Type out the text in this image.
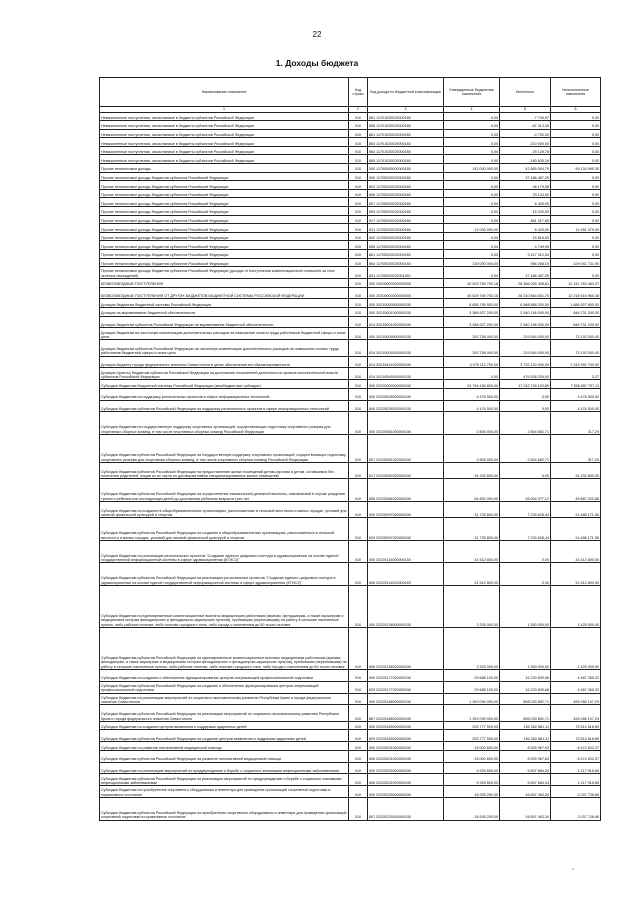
22
1. Доходы бюджета
Наименование показателя	Код строки	Код дохода по бюджетной классификации	Утвержденные бюджетные назначения	Исполнено	Неисполненные назначения
1	2	3	4	5	6
Невыясненные поступления, зачисляемые в бюджеты субъектов Российской Федерации	010	851 11701020020000180	0,00	-7 740,97	0,00
Невыясненные поступления, зачисляемые в бюджеты субъектов Российской Федерации	010	855 11701020020000180	0,00	-67 413,30	0,00
Невыясненные поступления, зачисляемые в бюджеты субъектов Российской Федерации	010	861 11701020020000180	0,00	-4 700,00	0,00
Невыясненные поступления, зачисляемые в бюджеты субъектов Российской Федерации	010	863 11701020020000180	0,00	-210 000,00	0,00
Невыясненные поступления, зачисляемые в бюджеты субъектов Российской Федерации	010	864 11701020020000180	0,00	29 129,78	0,00
Невыясненные поступления, зачисляемые в бюджеты субъектов Российской Федерации	010	865 11701020020000180	0,00	-180 635,16	0,00
Прочие неналоговые доходы	010	000 11705000000000180	142 000 000,00	42 865 004,70	99 134 995,30
Прочие неналоговые доходы бюджетов субъектов Российской Федерации	010	000 11705020020000180	0,00	37 486 457,25	0,00
Прочие неналоговые доходы бюджетов субъектов Российской Федерации	010	803 11705020020000180	0,00	46 179,08	0,00
Прочие неналоговые доходы бюджетов субъектов Российской Федерации	010	806 11705020020000180	0,00	23 143,00	0,00
Прочие неналоговые доходы бюджетов субъектов Российской Федерации	010	807 11705020020000180	0,00	6 400,00	0,00
Прочие неналоговые доходы бюджетов субъектов Российской Федерации	010	809 11705020020000180	0,00	15 200,00	0,00
Прочие неналоговые доходы бюджетов субъектов Российской Федерации	010	817 11705020020000180	0,00	861 317,85	0,00
Прочие неналоговые доходы бюджетов субъектов Российской Федерации	010	831 11705020020000180	12 000 000,00	8 430,00	11 991 570,00
Прочие неналоговые доходы бюджетов субъектов Российской Федерации	010	842 11705020020000180	0,00	15 816,00	0,00
Прочие неналоговые доходы бюджетов субъектов Российской Федерации	010	855 11705020020000180	0,00	4 749,95	0,00
Прочие неналоговые доходы бюджетов субъектов Российской Федерации	010	861 11705020020000180	0,00	3 417 012,54	0,00
Прочие неналоговые доходы бюджетов субъектов Российской Федерации	010	864 11705020020000180	130 000 000,00	956 268,10	129 041 731,90
Прочие неналоговые доходы бюджетов субъектов Российской Федерации (доходы от поступления компенсационной стоимости за снос зеленых насаждений)	010	831 11705020020001180	0,00	37 486 457,25	0,00
БЕЗВОЗМЕЗДНЫЕ ПОСТУПЛЕНИЯ	010	000 20000000000000000	40 529 769 792,18	28 386 026 308,81	12 141 763 483,37
БЕЗВОЗМЕЗДНЫЕ ПОСТУПЛЕНИЯ ОТ ДРУГИХ БЮДЖЕТОВ БЮДЖЕТНОЙ СИСТЕМЫ РОССИЙСКОЙ ФЕДЕРАЦИИ	010	000 20200000000000000	40 529 769 792,18	28 310 864 831,70	12 218 916 960,48
Дотации бюджетам бюджетной системы Российской Федерации	010	000 20210000000000150	8 655 795 900,00	6 968 868 200,00	1 686 927 600,00
Дотации на выравнивание бюджетной обеспеченности	010	000 20215001000000150	3 386 927 200,00	2 540 196 000,00	846 731 200,00
Дотации бюджетам субъектов Российской Федерации на выравнивание бюджетной обеспеченности	010	814 20215001020000150	3 386 927 200,00	2 540 196 000,00	846 731 200,00
Дотации бюджетам на частичную компенсацию дополнительных расходов на повышение оплаты труда работников бюджетной сферы и иные цели	010	000 20215009000000150	292 756 000,00	219 564 000,00	73 192 000,00
Дотации бюджетам субъектов Российской Федерации на частичную компенсацию дополнительных расходов на повышение оплаты труда работников бюджетной сферы и иные цели	010	814 20215009020000150	292 756 000,00	219 564 000,00	73 192 000,00
Дотация бюджету города федерального значения Севастополя в целях обеспечения его сбалансированности	010	814 20215414020000150	4 976 112 700,00	3 732 120 000,00	1 243 992 700,00
Дотации (гранты) бюджетам субъектов Российской Федерации за достижение показателей деятельности органов исполнительной власти субъектов Российской Федерации	010	814 20216549020000150	0,00	476 938 200,00	3,27
Субсидии бюджетам бюджетной системы Российской Федерации (межбюджетные субсидии)	010	000 20220000000000150	24 749 436 800,00	17 242 749 102,89	7 506 687 797,11
Субсидии бюджетам на поддержку региональных проектов в сфере информационных технологий	010	000 20225028000000150	4 476 500,00	0,00	4 476 500,00
Субсидии бюджетам субъектов Российской Федерации на поддержку региональных проектов в сфере информационных технологий	010	840 20225028020000150	4 476 500,00	0,00	4 476 500,00
Субсидии бюджетам на государственную поддержку спортивных организаций, осуществляющих подготовку спортивного резерва для спортивных сборных команд, в том числе спортивных сборных команд Российской Федерации	010	000 20225081000000150	2 805 000,00	2 804 682,71	317,29
Субсидии бюджетам субъектов Российской Федерации на государственную поддержку спортивных организаций, осуществляющих подготовку спортивного резерва для спортивных сборных команд, в том числе спортивных сборных команд Российской Федерации	010	807 20225081020000150	2 805 000,00	2 804 682,71	317,29
Субсидии бюджетам субъектов Российской Федерации на предоставление жилых помещений детям-сиротам и детям, оставшимся без попечения родителей, лицам из их числа по договорам найма специализированных жилых помещений	010	817 20225082020000150	34 332 800,00	0,00	34 332 800,00
Субсидии бюджетам субъектов Российской Федерации на осуществление ежемесячной денежной выплаты, назначаемой в случае рождения третьего ребенка или последующих детей до достижения ребенком возраста трех лет	010	855 20225084020000150	84 892 000,00	35 004 977,12	49 887 022,88
Субсидии бюджетам на создание в общеобразовательных организациях, расположенных в сельской местности и малых городах, условий для занятий физической культурой и спортом	010	000 20225097000000150	31 725 800,00	7 239 628,44	24 486 171,56
Субсидии бюджетам субъектов Российской Федерации на создание в общеобразовательных организациях, расположенных в сельской местности и малых городах, условий для занятий физической культурой и спортом	010	829 20225097020000150	31 725 800,00	7 239 628,44	24 486 171,56
Субсидии бюджетам на реализацию региональных проектов "Создание единого цифрового контура в здравоохранении на основе единой государственной информационной системы в сфере здравоохранения (ЕГИСЗ)"	010	000 20225114000000150	31 512 800,00	0,00	31 512 800,00
Субсидии бюджетам субъектов Российской Федерации на реализацию региональных проектов "Создание единого цифрового контура в здравоохранении на основе единой государственной информационной системы в сфере здравоохранения (ЕГИСЗ)"	010	806 20225114020000150	31 512 800,00	0,00	31 512 800,00
Субсидии бюджетам на единовременные компенсационные выплаты медицинским работникам (врачам, фельдшерам, а также акушеркам и медицинским сестрам фельдшерских и фельдшерско-акушерских пунктов), прибывшим (переехавшим) на работу в сельские населенные пункты, либо рабочие поселки, либо поселки городского типа, либо города с населением до 50 тысяч человек	010	000 20225138000000150	3 325 000,00	1 900 000,00	1 425 000,00
Субсидии бюджетам субъектов Российской Федерации на единовременные компенсационные выплаты медицинским работникам (врачам, фельдшерам, а также акушеркам и медицинским сестрам фельдшерских и фельдшерско-акушерских пунктов), прибывшим (переехавшим) на работу в сельские населенные пункты, либо рабочие поселки, либо поселки городского типа, либо города с населением до 50 тысяч человек	010	806 20225138020000150	3 325 000,00	1 900 000,00	1 425 000,00
Субсидии бюджетам на создание и обеспечение функционирования центров опережающей профессиональной подготовки	010	000 20225177000000150	20 688 100,00	16 220 839,68	4 467 260,32
Субсидии бюджетам субъектов Российской Федерации на создание и обеспечение функционирования центров опережающей профессиональной подготовки	010	829 20225177020000150	20 688 100,00	16 220 839,68	4 467 260,32
Субсидии бюджетам на реализацию мероприятий по социально-экономическому развитию Республики Крым и города федерального значения Севастополя	010	000 20225188000000150	1 392 090 000,00	898 033 892,71	494 056 107,29
Субсидии бюджетам субъектов Российской Федерации на реализацию мероприятий по социально-экономическому развитию Республики Крым и города федерального значения Севастополя	010	867 20225188020000150	1 392 090 000,00	898 033 892,71	494 056 107,29
Субсидии бюджетам на создание центров выявления и поддержки одаренных детей	010	000 20225189000000150	225 777 500,00	150 262 881,11	75 514 618,89
Субсидии бюджетам субъектов Российской Федерации на создание центров выявления и поддержки одаренных детей	010	829 20225189020000150	225 777 500,00	150 262 881,11	75 514 618,89
Субсидии бюджетам на развитие паллиативной медицинской помощи	010	000 20225201000000150	15 000 600,00	8 525 967,63	6 474 632,37
Субсидии бюджетам субъектов Российской Федерации на развитие паллиативной медицинской помощи	010	806 20225201020000150	15 000 600,00	8 525 967,63	6 474 632,37
Субсидии бюджетам на реализацию мероприятий по предупреждению и борьбе с социально значимыми инфекционными заболеваниями	010	000 20225202000000150	6 925 600,00	5 807 684,34	1 117 915,66
Субсидии бюджетам субъектов Российской Федерации на реализацию мероприятий по предупреждению и борьбе с социально значимыми инфекционными заболеваниями	010	806 20225202020000150	6 925 600,00	5 807 684,34	1 117 915,66
Субсидии бюджетам на приобретение спортивного оборудования и инвентаря для приведения организаций спортивной подготовки в нормативное состояние	010	000 20225229000000150	18 935 200,00	16 897 463,34	2 037 736,66
Субсидии бюджетам субъектов Российской Федерации на приобретение спортивного оборудования и инвентаря для приведения организаций спортивной подготовки в нормативное состояние	010	807 20225229020000150	18 935 200,00	16 897 463,34	2 037 736,66
,
